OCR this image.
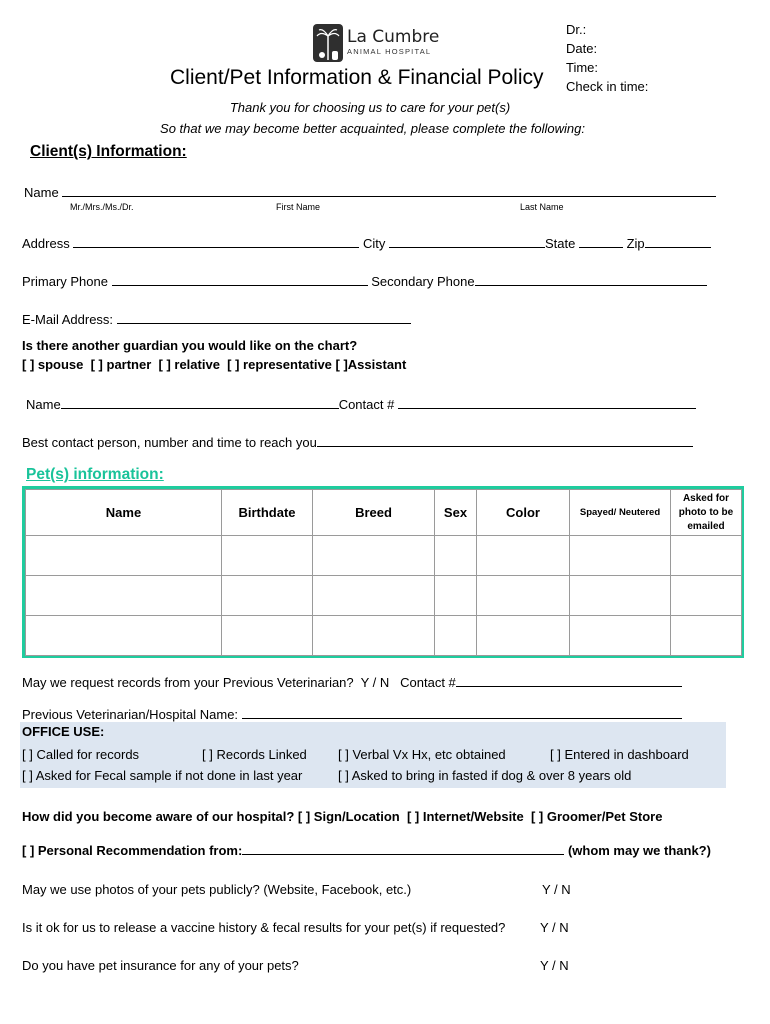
La Cumbre
ANIMAL HOSPITAL
Client/Pet Information & Financial Policy
Dr.:
Date:
Time:
Check in time:
Thank you for choosing us to care for your pet(s)
So that we may become better acquainted, please complete the following:
Client(s) Information:
Name
Mr./Mrs./Ms./Dr.	First Name	Last Name
Address	City	State	Zip
Primary Phone	Secondary Phone
E-Mail Address:
Is there another guardian you would like on the chart?
[ ] spouse  [ ] partner  [ ] relative  [ ] representative [ ]Assistant
Name	Contact #
Best contact person, number and time to reach you
Pet(s) information:
Name	Birthdate	Breed	Sex	Color	Spayed/ Neutered	Asked for photo to be emailed

May we request records from your Previous Veterinarian?  Y / N   Contact #
Previous Veterinarian/Hospital Name:
OFFICE USE:
[ ] Called for records	[ ] Records Linked [ ] Verbal Vx Hx, etc obtained	[ ] Entered in dashboard
[ ] Asked for Fecal sample if not done in last year	[ ] Asked to bring in fasted if dog & over 8 years old
How did you become aware of our hospital? [ ] Sign/Location  [ ] Internet/Website  [ ] Groomer/Pet Store
[ ] Personal Recommendation from:	(whom may we thank?)
May we use photos of your pets publicly? (Website, Facebook, etc.)	Y / N
Is it ok for us to release a vaccine history & fecal results for your pet(s) if requested?	Y / N
Do you have pet insurance for any of your pets?	Y / N
